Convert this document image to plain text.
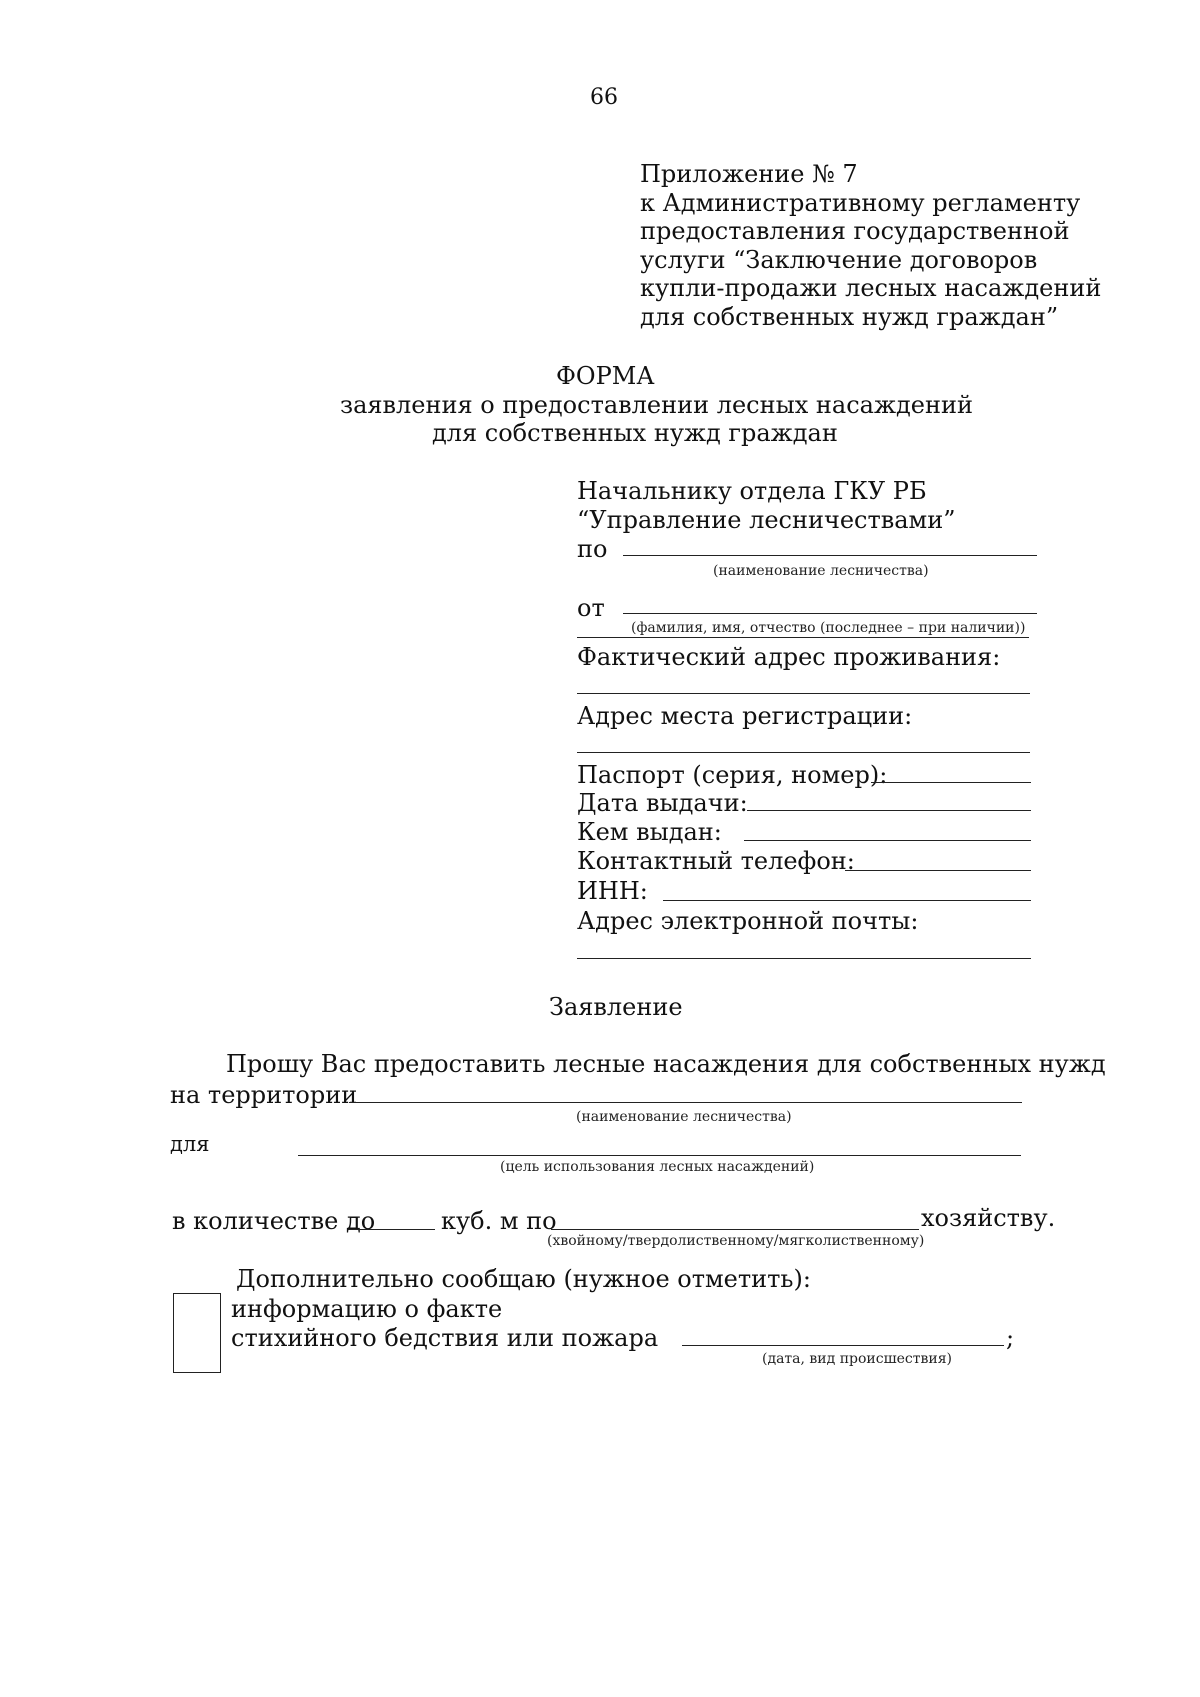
66
Приложение № 7
к Административному регламенту
предоставления государственной
услуги “Заключение договоров
купли-продажи лесных насаждений
для собственных нужд граждан”
ФОРМА
заявления о предоставлении лесных насаждений
для собственных нужд граждан
Начальнику отдела ГКУ РБ
“Управление лесничествами”
по
(наименование лесничества)
от
(фамилия, имя, отчество (последнее – при наличии))
Фактический адрес проживания:
Адрес места регистрации:
Паспорт (серия, номер):
Дата выдачи:
Кем выдан:
Контактный телефон:
ИНН:
Адрес электронной почты:
Заявление
Прошу Вас предоставить лесные насаждения для собственных нужд
на территории
(наименование лесничества)
для
(цель использования лесных насаждений)
в количестве до	куб. м по	хозяйству.
(хвойному/твердолиственному/мягколиственному)
Дополнительно сообщаю (нужное отметить):
информацию о факте
стихийного бедствия или пожара	;
(дата, вид происшествия)
